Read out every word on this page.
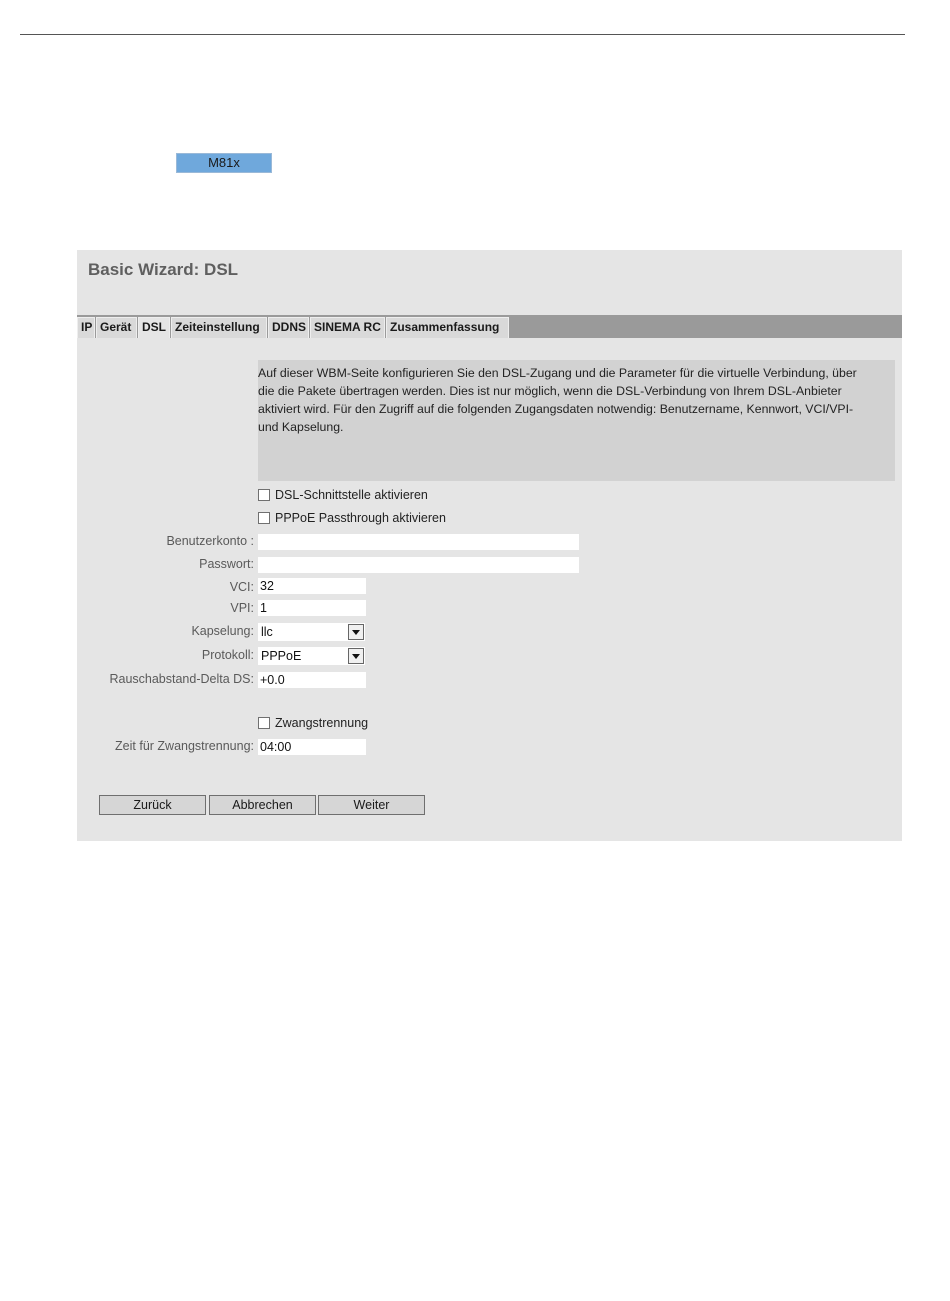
M81x
Basic Wizard: DSL
IP Gerät DSL Zeiteinstellung	DDNS SINEMA RC Zusammenfassung
Auf dieser WBM-Seite konfigurieren Sie den DSL-Zugang und die Parameter für die virtuelle Verbindung, über
die die Pakete übertragen werden. Dies ist nur möglich, wenn die DSL-Verbindung von Ihrem DSL-Anbieter
aktiviert wird. Für den Zugriff auf die folgenden Zugangsdaten notwendig: Benutzername, Kennwort, VCI/VPI-
und Kapselung.
DSL-Schnittstelle aktivieren
PPPoE Passthrough aktivieren
Benutzerkonto :
Passwort:
VCI: 32
VPI: 1
Kapselung: llc
Protokoll: PPPoE
Rauschabstand-Delta DS: +0.0
Zwangstrennung
Zeit für Zwangstrennung: 04:00
Zurück	Abbrechen	Weiter
